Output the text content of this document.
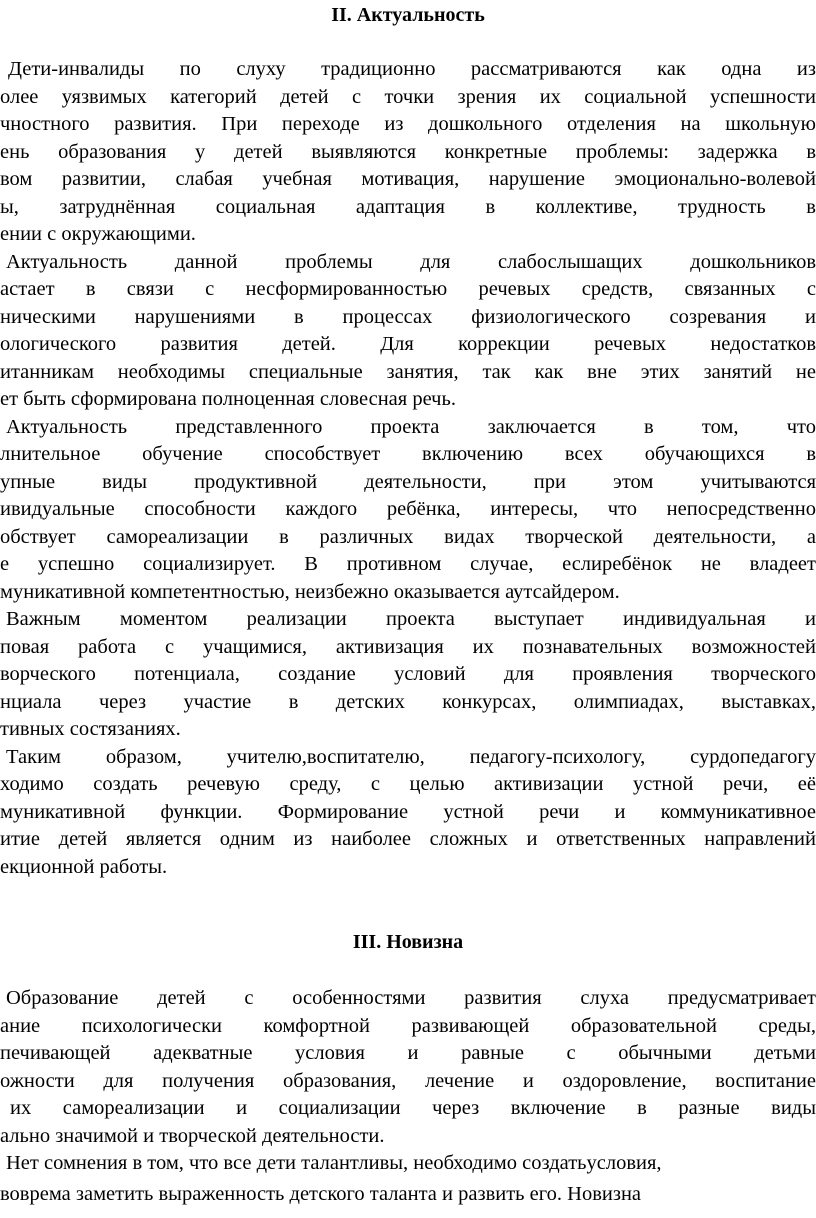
II. Актуальность
Дети-инвалиды по слуху традиционно рассматриваются как одна из
олее уязвимых категорий детей с точки зрения их социальной успешности
чностного развития. При переходе из дошкольного отделения на школьную
ень образования у детей выявляются конкретные проблемы: задержка в
вом развитии, слабая учебная мотивация, нарушение эмоционально-волевой
ы, затруднённая социальная адаптация в коллективе, трудность в
ении с окружающими.
Актуальность данной проблемы для слабослышащих дошкольников
астает в связи с несформированностью речевых средств, связанных с
ническими нарушениями в процессах физиологического созревания и
ологического развития детей. Для коррекции речевых недостатков
итанникам необходимы специальные занятия, так как вне этих занятий не
ет быть сформирована полноценная словесная речь.
Актуальность представленного проекта заключается в том, что
лнительное обучение способствует включению всех обучающихся в
упные виды продуктивной деятельности, при этом учитываются
ивидуальные способности каждого ребёнка, интересы, что непосредственно
обствует самореализации в различных видах творческой деятельности, а
е успешно социализирует. В противном случае, еслиребёнок не владеет
муникативной компетентностью, неизбежно оказывается аутсайдером.
Важным моментом реализации проекта выступает индивидуальная и
повая работа с учащимися, активизация их познавательных возможностей
ворческого потенциала, создание условий для проявления творческого
нциала через участие в детских конкурсах, олимпиадах, выставках,
тивных состязаниях.
Таким образом, учителю,воспитателю, педагогу-психологу, сурдопедагогу
ходимо создать речевую среду, с целью активизации устной речи, её
муникативной функции. Формирование устной речи и коммуникативное
итие детей является одним из наиболее сложных и ответственных направлений
екционной работы.
III. Новизна
Образование детей с особенностями развития слуха предусматривает
ание психологически комфортной развивающей образовательной среды,
печивающей адекватные условия и равные с обычными детьми
ожности для получения образования, лечение и оздоровление, воспитание
их самореализации и социализации через включение в разные виды
ально значимой и творческой деятельности.
Нет сомнения в том, что все дети талантливы, необходимо создатьусловия,
воврема заметить выраженность детского таланта и развить его. Новизна
